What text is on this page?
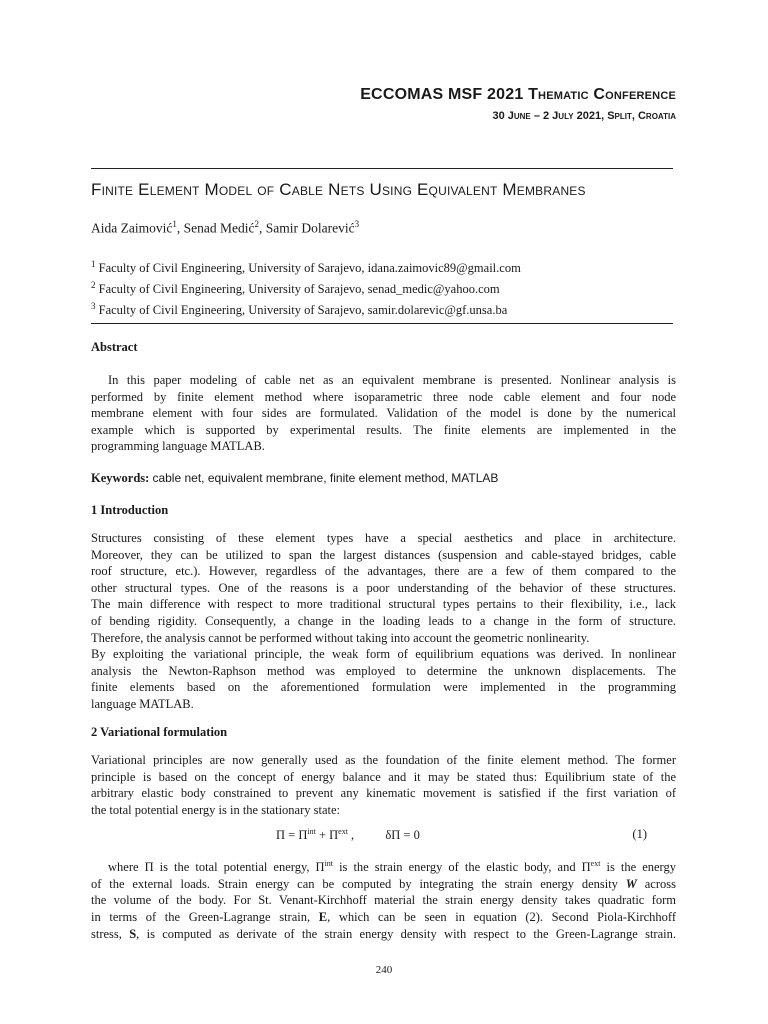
ECCOMAS MSF 2021 Thematic Conference
30 June – 2 July 2021, Split, Croatia
Finite Element Model of Cable Nets Using Equivalent Membranes
Aida Zaimović$^1$, Senad Medić$^2$, Samir Dolarević$^3$
$^1$ Faculty of Civil Engineering, University of Sarajevo, idana.zaimovic89@gmail.com
$^2$ Faculty of Civil Engineering, University of Sarajevo, senad_medic@yahoo.com
$^3$ Faculty of Civil Engineering, University of Sarajevo, samir.dolarevic@gf.unsa.ba
Abstract
In this paper modeling of cable net as an equivalent membrane is presented. Nonlinear analysis is
performed by finite element method where isoparametric three node cable element and four node
membrane element with four sides are formulated. Validation of the model is done by the numerical
example which is supported by experimental results. The finite elements are implemented in the
programming language MATLAB.
Keywords: cable net, equivalent membrane, finite element method, MATLAB
1 Introduction
Structures consisting of these element types have a special aesthetics and place in architecture.
Moreover, they can be utilized to span the largest distances (suspension and cable-stayed bridges, cable
roof structure, etc.). However, regardless of the advantages, there are a few of them compared to the
other structural types. One of the reasons is a poor understanding of the behavior of these structures.
The main difference with respect to more traditional structural types pertains to their flexibility, i.e., lack
of bending rigidity. Consequently, a change in the loading leads to a change in the form of structure.
Therefore, the analysis cannot be performed without taking into account the geometric nonlinearity.
By exploiting the variational principle, the weak form of equilibrium equations was derived. In nonlinear
analysis the Newton-Raphson method was employed to determine the unknown displacements. The
finite elements based on the aforementioned formulation were implemented in the programming
language MATLAB.
2 Variational formulation
Variational principles are now generally used as the foundation of the finite element method. The former
principle is based on the concept of energy balance and it may be stated thus: Equilibrium state of the
arbitrary elastic body constrained to prevent any kinematic movement is satisfied if the first variation of
the total potential energy is in the stationary state:
$\Pi = \Pi^{int} + \Pi^{ext}$ ,          δΠ = 0	(1)
where Π is the total potential energy, $\Pi^{int}$ is the strain energy of the elastic body, and $\Pi^{ext}$ is the energy
of the external loads. Strain energy can be computed by integrating the strain energy density W across
the volume of the body. For St. Venant-Kirchhoff material the strain energy density takes quadratic form
in terms of the Green-Lagrange strain, E, which can be seen in equation (2). Second Piola-Kirchhoff
stress, S, is computed as derivate of the strain energy density with respect to the Green-Lagrange strain.
240
